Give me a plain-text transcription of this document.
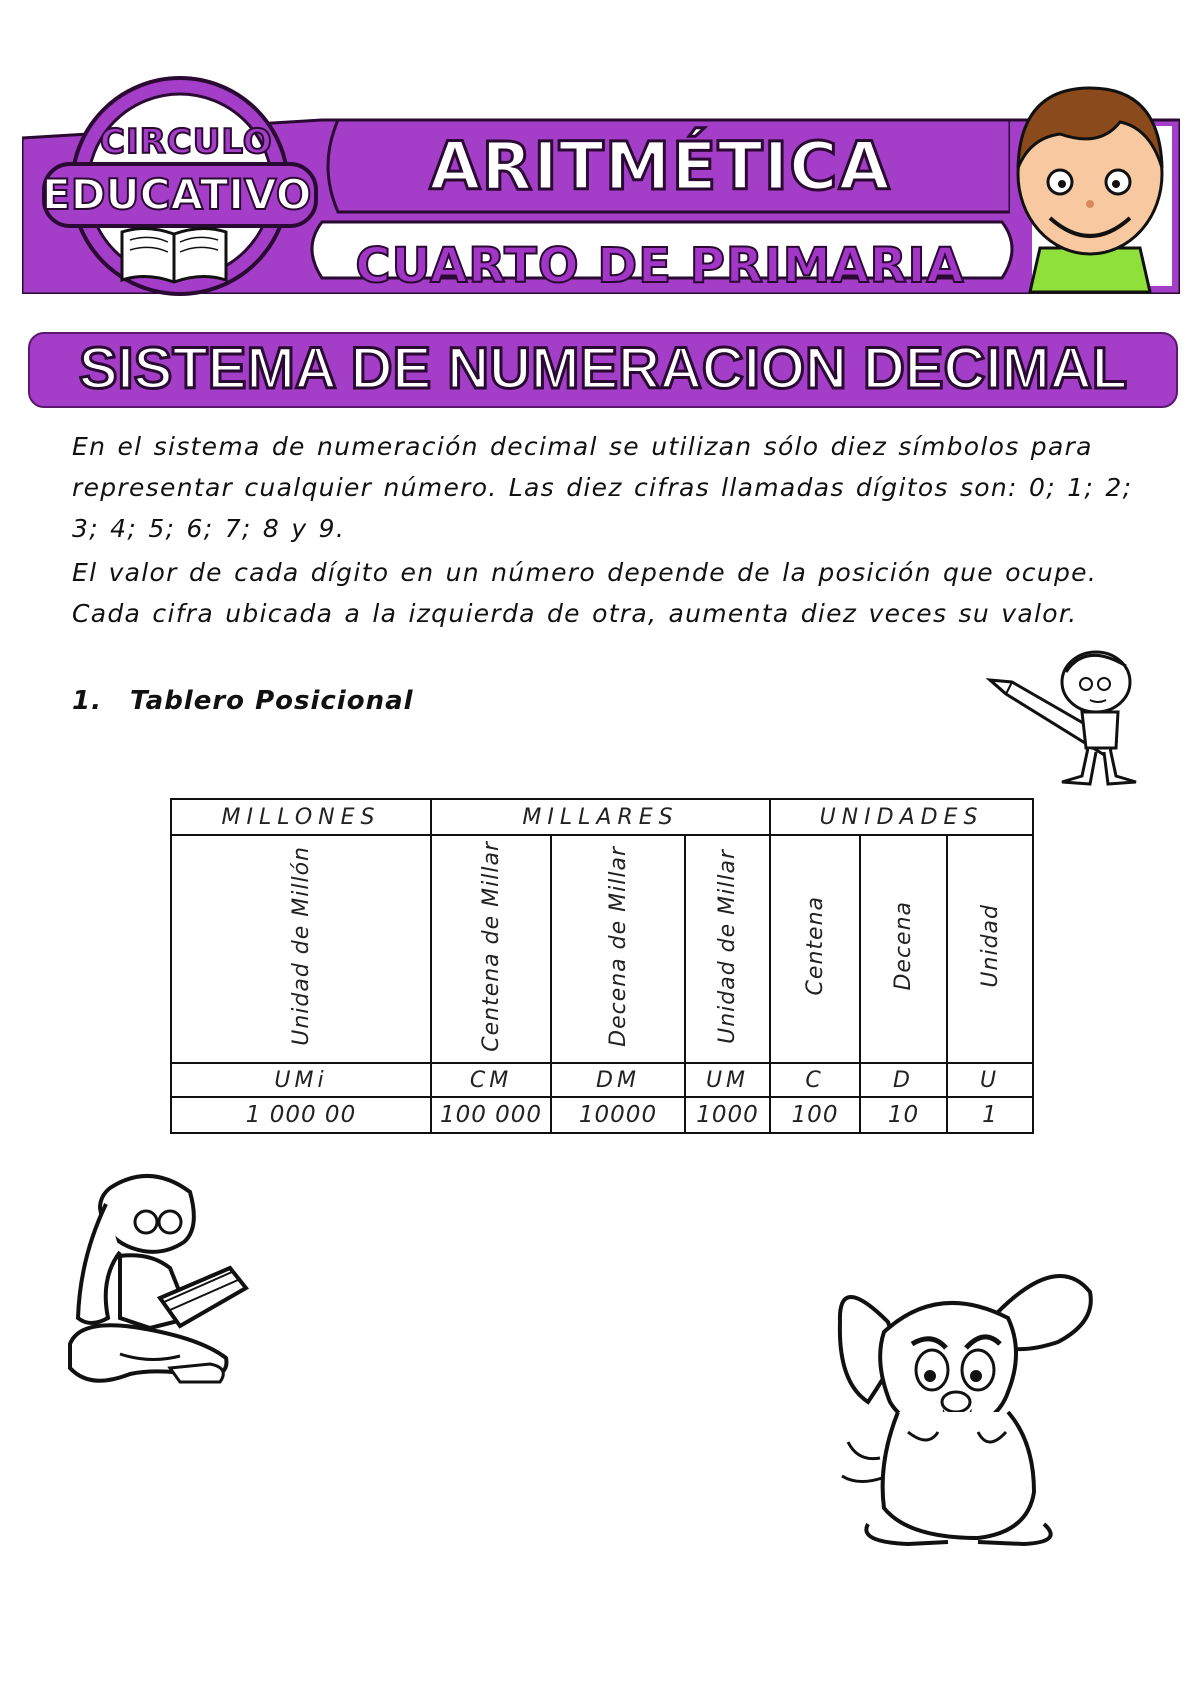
CIRCULO
EDUCATIVO	ARITMÉTICA
CUARTO DE PRIMARIA
SISTEMA DE NUMERACION DECIMAL

En el sistema de numeración decimal se utilizan sólo diez símbolos para representar cualquier número. Las diez cifras llamadas dígitos son: 0; 1; 2; 3; 4; 5; 6; 7; 8 y 9.

El valor de cada dígito en un número depende de la posición que ocupe. Cada cifra ubicada a la izquierda de otra, aumenta diez veces su valor.

1. Tablero Posicional
MILLONES	MILLARES			UNIDADES		
Unidad de Millón	Centena de Millar	Decena de Millar	Unidad de Millar	Centena	Decena	Unidad
UMi	CM	DM	UM	C	D	U
1 000 00	100 000	10000	1000	100	10	1
